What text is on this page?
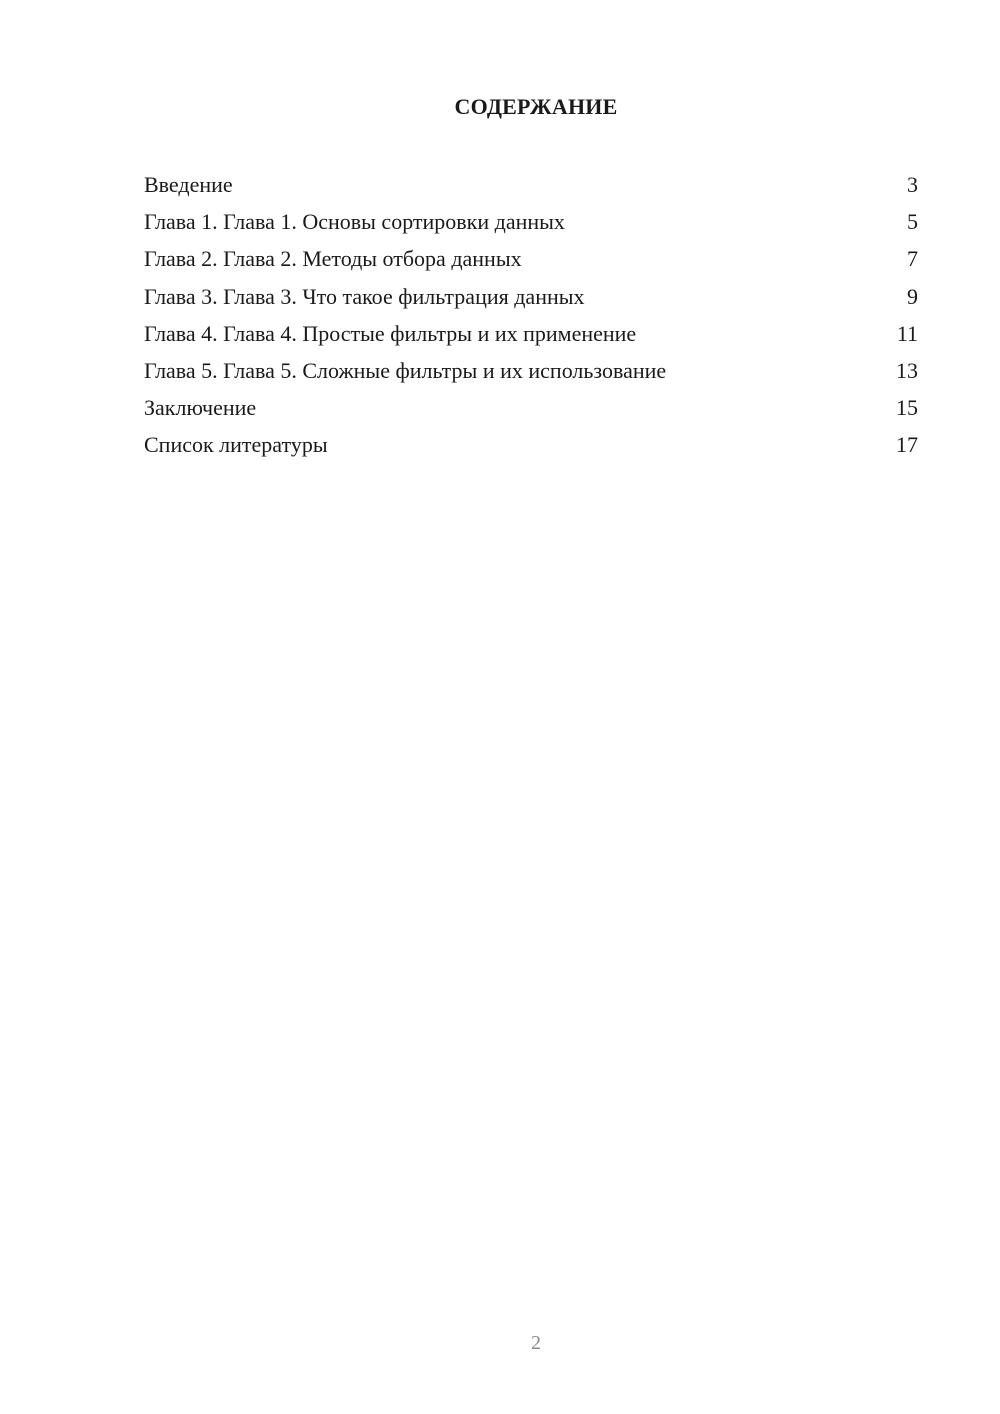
СОДЕРЖАНИЕ
Введение	3
Глава 1. Глава 1. Основы сортировки данных	5
Глава 2. Глава 2. Методы отбора данных	7
Глава 3. Глава 3. Что такое фильтрация данных	9
Глава 4. Глава 4. Простые фильтры и их применение	11
Глава 5. Глава 5. Сложные фильтры и их использование	13
Заключение	15
Список литературы	17
2
